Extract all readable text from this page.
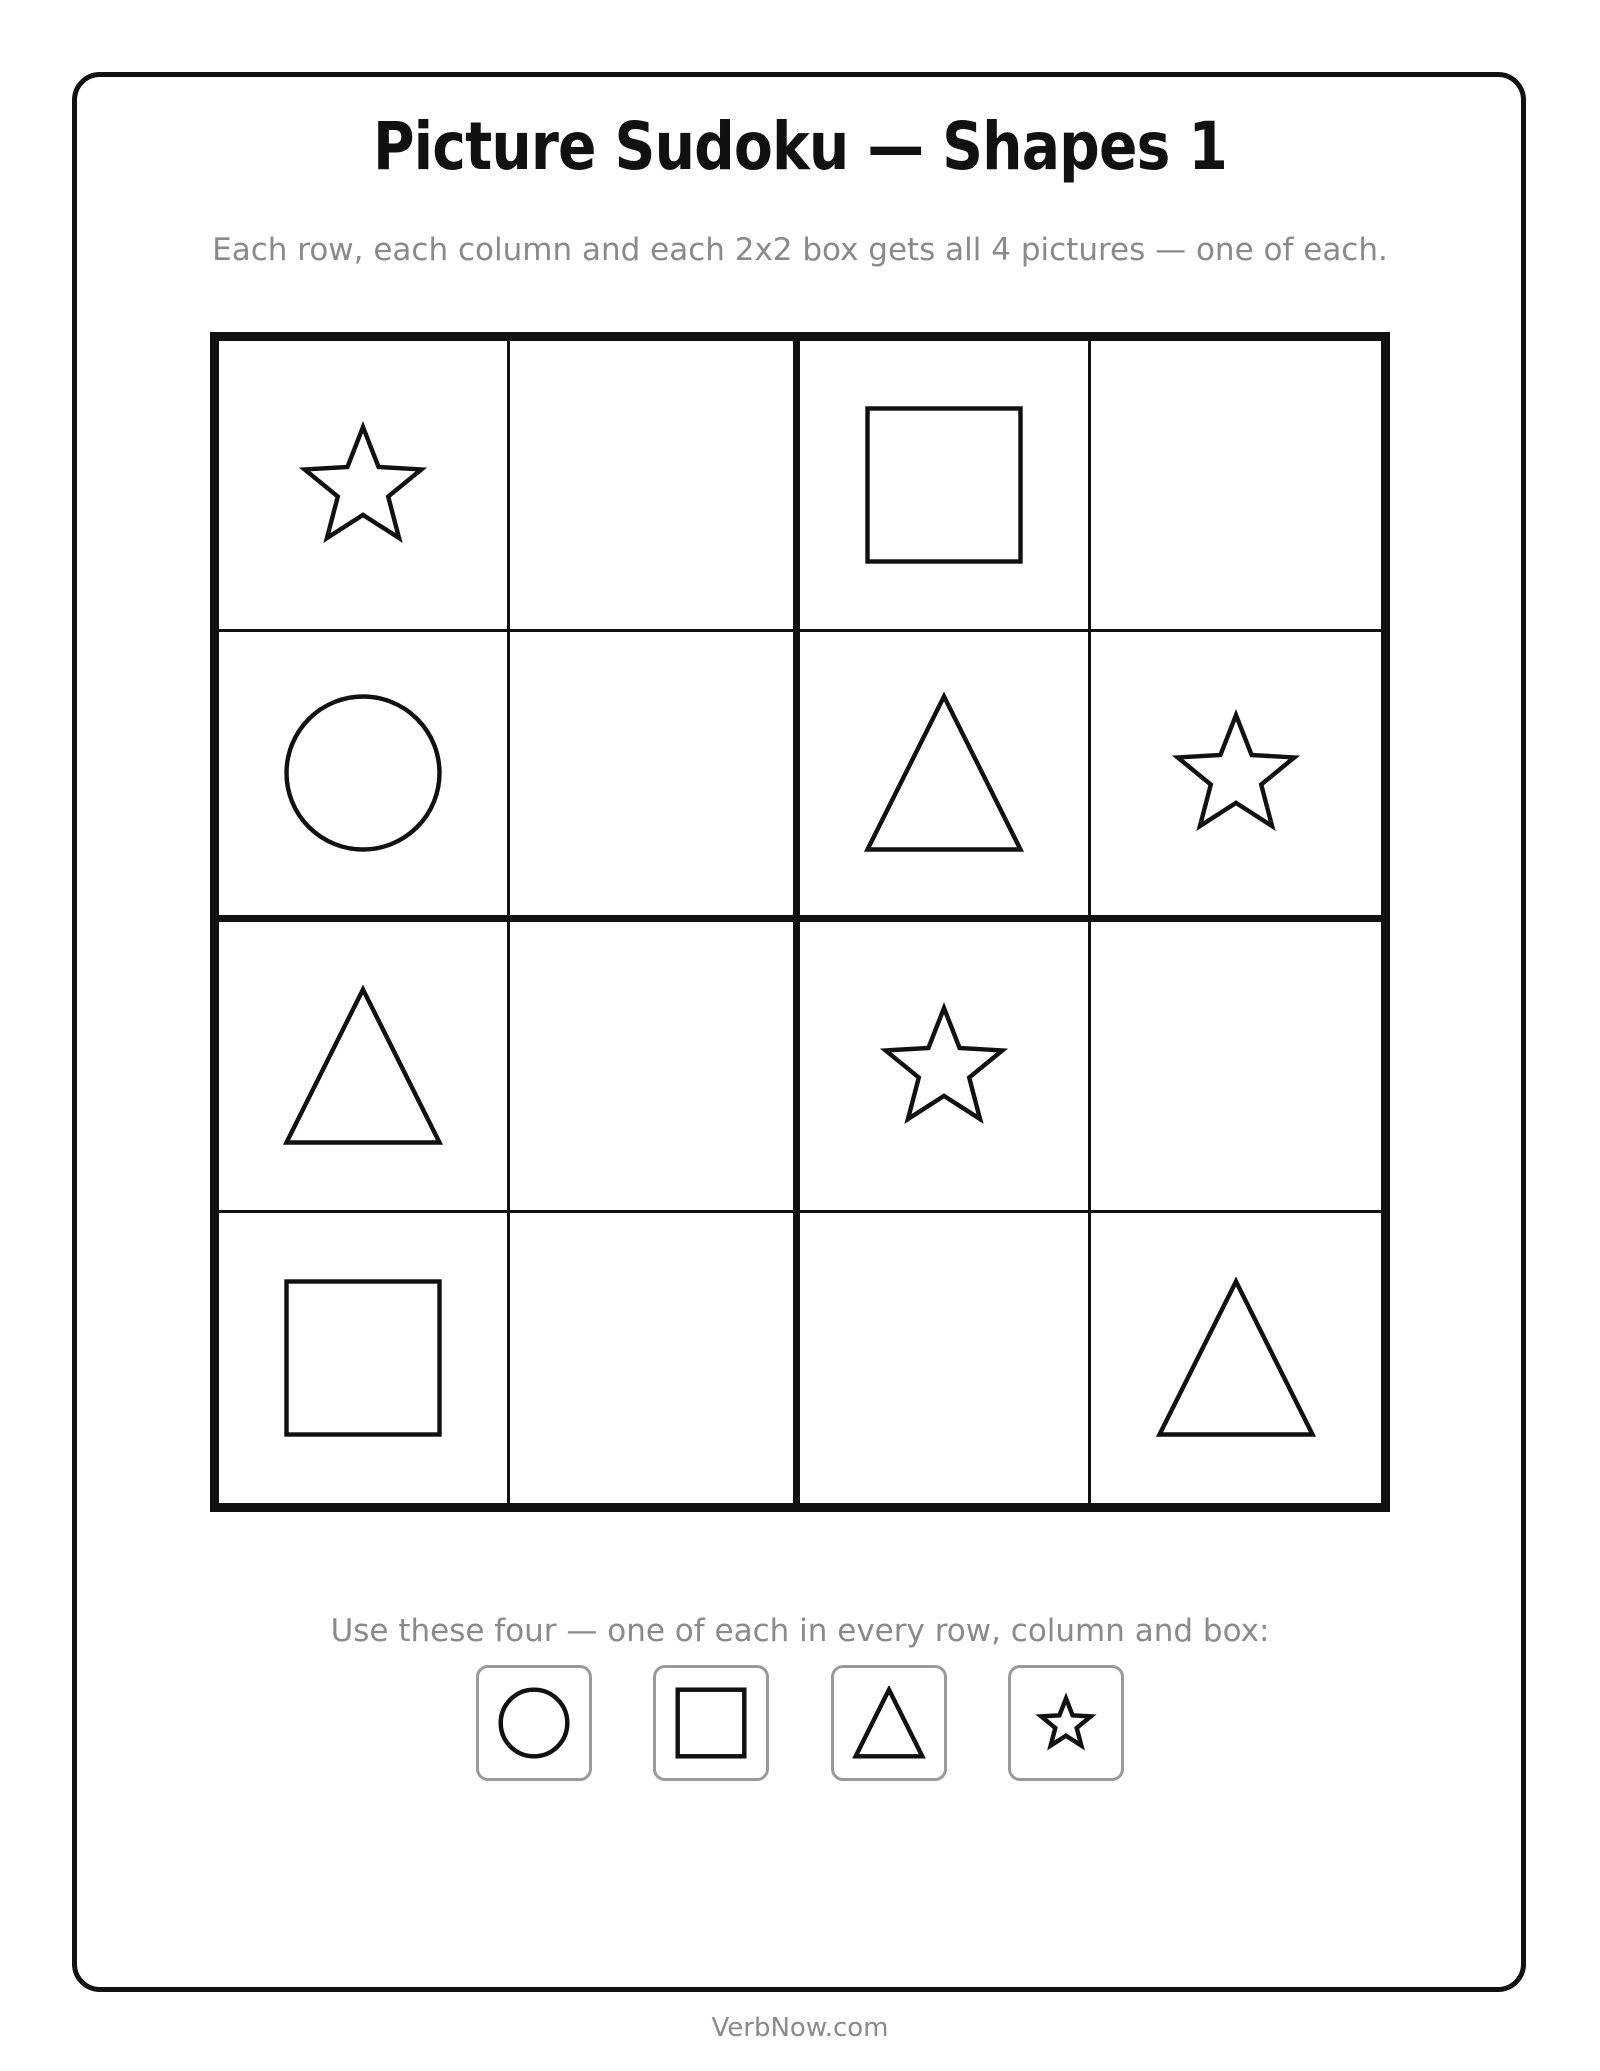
Picture Sudoku — Shapes 1
Each row, each column and each 2x2 box gets all 4 pictures — one of each.
Use these four — one of each in every row, column and box:
VerbNow.com
